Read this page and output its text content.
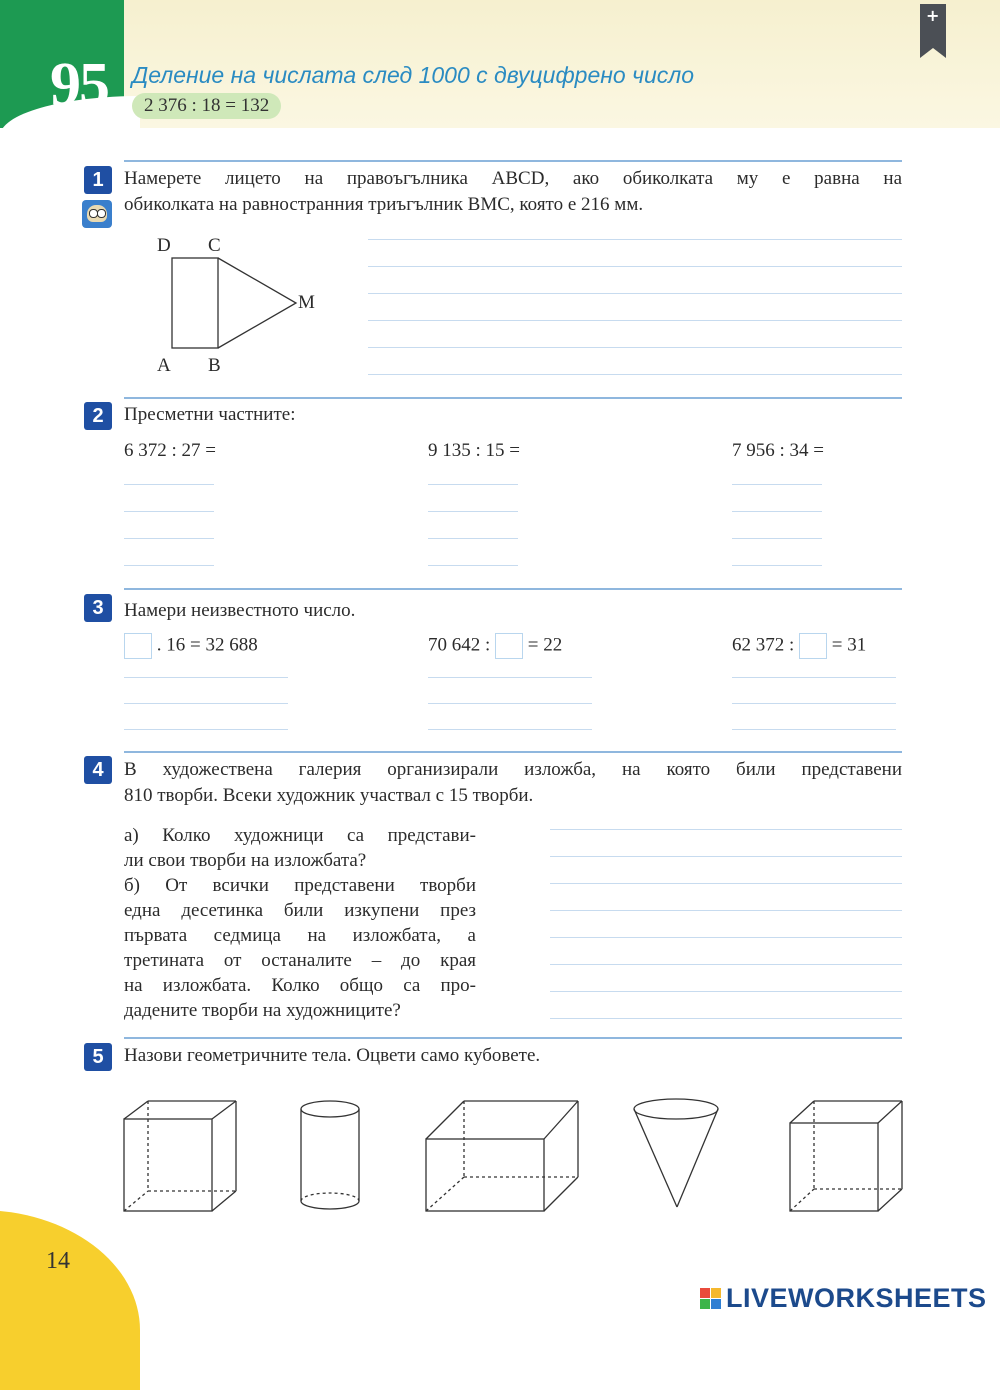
95 Деление на числата след 1000 с двуцифрено число
2 376 : 18 = 132
+
1	Намерете лицето на правоъгълника ABCD, ако обиколката му е равна на
обиколката на равностранния триъгълник BMC, която е 216 мм.
D C
M
A B
2	Пресметни частните:
6 372 : 27 =	9 135 : 15 =	7 956 : 34 =
3	Намери неизвестното число.
. 16 = 32 688	70 642 : = 22	62 372 : = 31
4	В художествена галерия организирали изложба, на която били представени
810 творби. Всеки художник участвал с 15 творби.
а) Колко художници са представи-
ли свои творби на изложбата?
б) От всички представени творби
една десетинка били изкупени през
първата седмица на изложбата, а
третината от останалите – до края
на изложбата. Колко общо са про-
дадените творби на художниците?
5	Назови геометричните тела. Оцвети само кубовете.
14
LIVEWORKSHEETS
